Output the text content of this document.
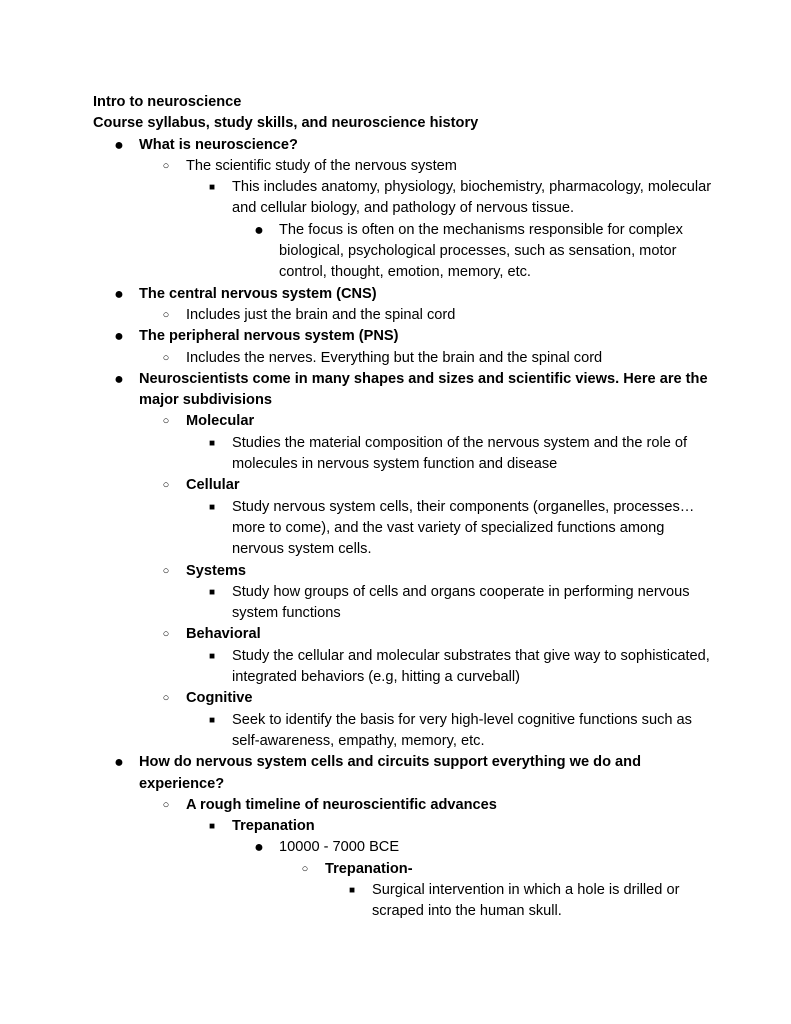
Intro to neuroscience
Course syllabus, study skills, and neuroscience history
●	What is neuroscience?
○	The scientific study of the nervous system
■	This includes anatomy, physiology, biochemistry, pharmacology, molecular and cellular biology, and pathology of nervous tissue.
●	The focus is often on the mechanisms responsible for complex biological, psychological processes, such as sensation, motor control, thought, emotion, memory, etc.
●	The central nervous system (CNS)
○	Includes just the brain and the spinal cord
●	The peripheral nervous system (PNS)
○	Includes the nerves. Everything but the brain and the spinal cord
●	Neuroscientists come in many shapes and sizes and scientific views. Here are the major subdivisions
○	Molecular
■	Studies the material composition of the nervous system and the role of molecules in nervous system function and disease
○	Cellular
■	Study nervous system cells, their components (organelles, processes… more to come), and the vast variety of specialized functions among nervous system cells.
○	Systems
■	Study how groups of cells and organs cooperate in performing nervous system functions
○	Behavioral
■	Study the cellular and molecular substrates that give way to sophisticated, integrated behaviors (e.g, hitting a curveball)
○	Cognitive
■	Seek to identify the basis for very high-level cognitive functions such as self-awareness, empathy, memory, etc.
●	How do nervous system cells and circuits support everything we do and experience?
○	A rough timeline of neuroscientific advances
■	Trepanation
●	10000 - 7000 BCE
○	Trepanation-
■	Surgical intervention in which a hole is drilled or scraped into the human skull.
